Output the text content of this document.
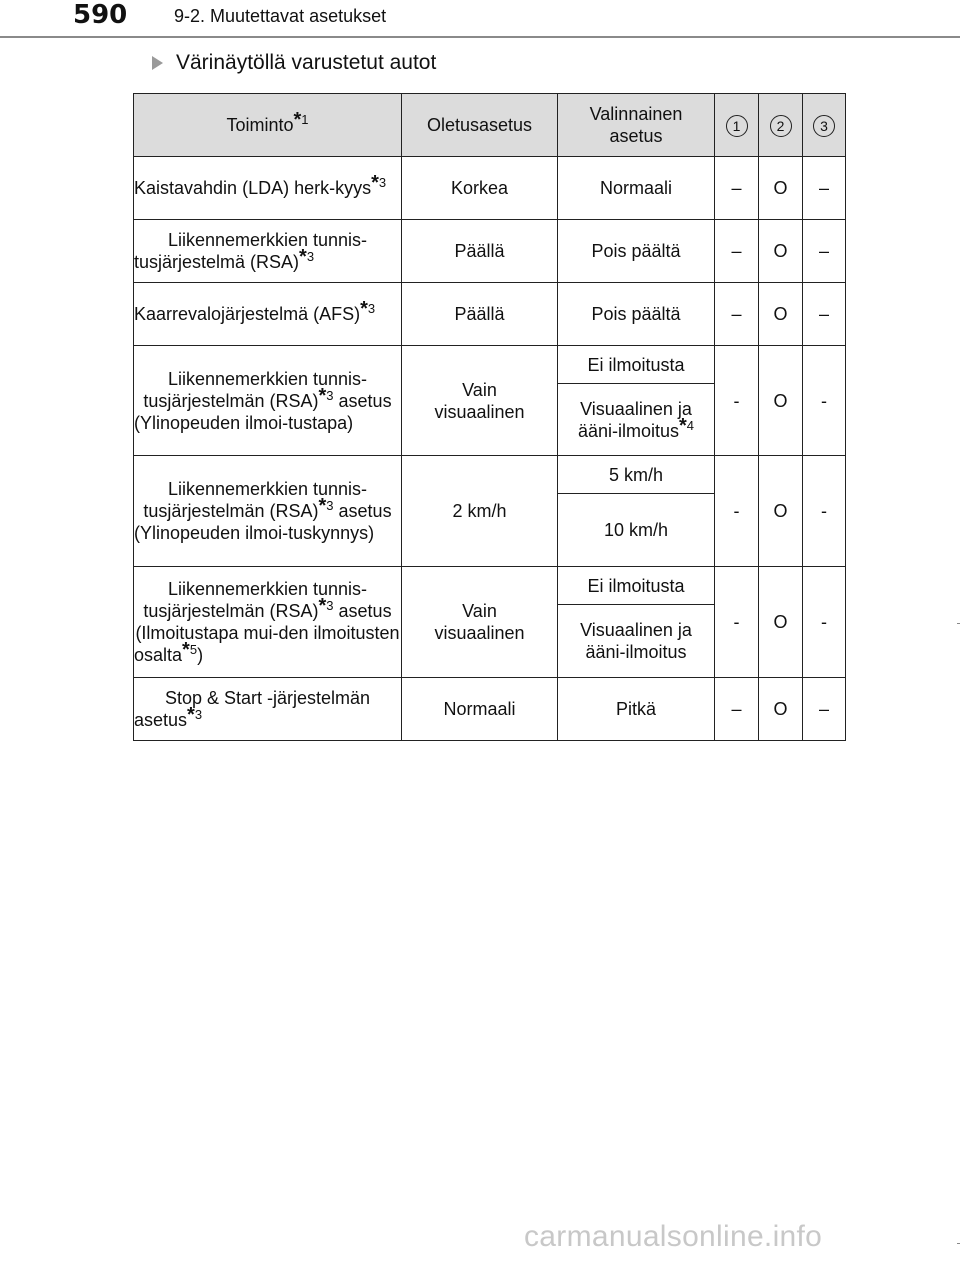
590	9-2. Muutettavat asetukset
Värinäytöllä varustetut autot
Toiminto$^{*1}$	Oletusasetus	Valinnainen asetus	1	2	3
Kaistavahdin (LDA) herk-kyys$^{*3}$	Korkea	Normaali	–	O	–
Liikennemerkkien tunnis-tusjärjestelmä (RSA)$^{*3}$	Päällä	Pois päältä	–	O	–
Kaarrevalojärjestelmä (AFS)$^{*3}$	Päällä	Pois päältä	–	O	–
Liikennemerkkien tunnis-tusjärjestelmän (RSA)$^{*3}$ asetus (Ylinopeuden ilmoi-tustapa)	Vain visuaalinen	Ei ilmoitusta	-	O	-
		Visuaalinen ja ääni-ilmoitus$^{*4}$
Liikennemerkkien tunnis-tusjärjestelmän (RSA)$^{*3}$ asetus (Ylinopeuden ilmoi-tuskynnys)	2 km/h	5 km/h	-	O	-
		10 km/h			
Liikennemerkkien tunnis-tusjärjestelmän (RSA)$^{*3}$ asetus (Ilmoitustapa mui-den ilmoitusten osalta$^{*5}$)	Vain visuaalinen	Ei ilmoitusta	-	O	-

		Visuaalinen ja ääni-ilmoitus			

Stop & Start -järjestelmän asetus$^{*3}$	Normaali	Pitkä	–	O	–
carmanualsonline.info
